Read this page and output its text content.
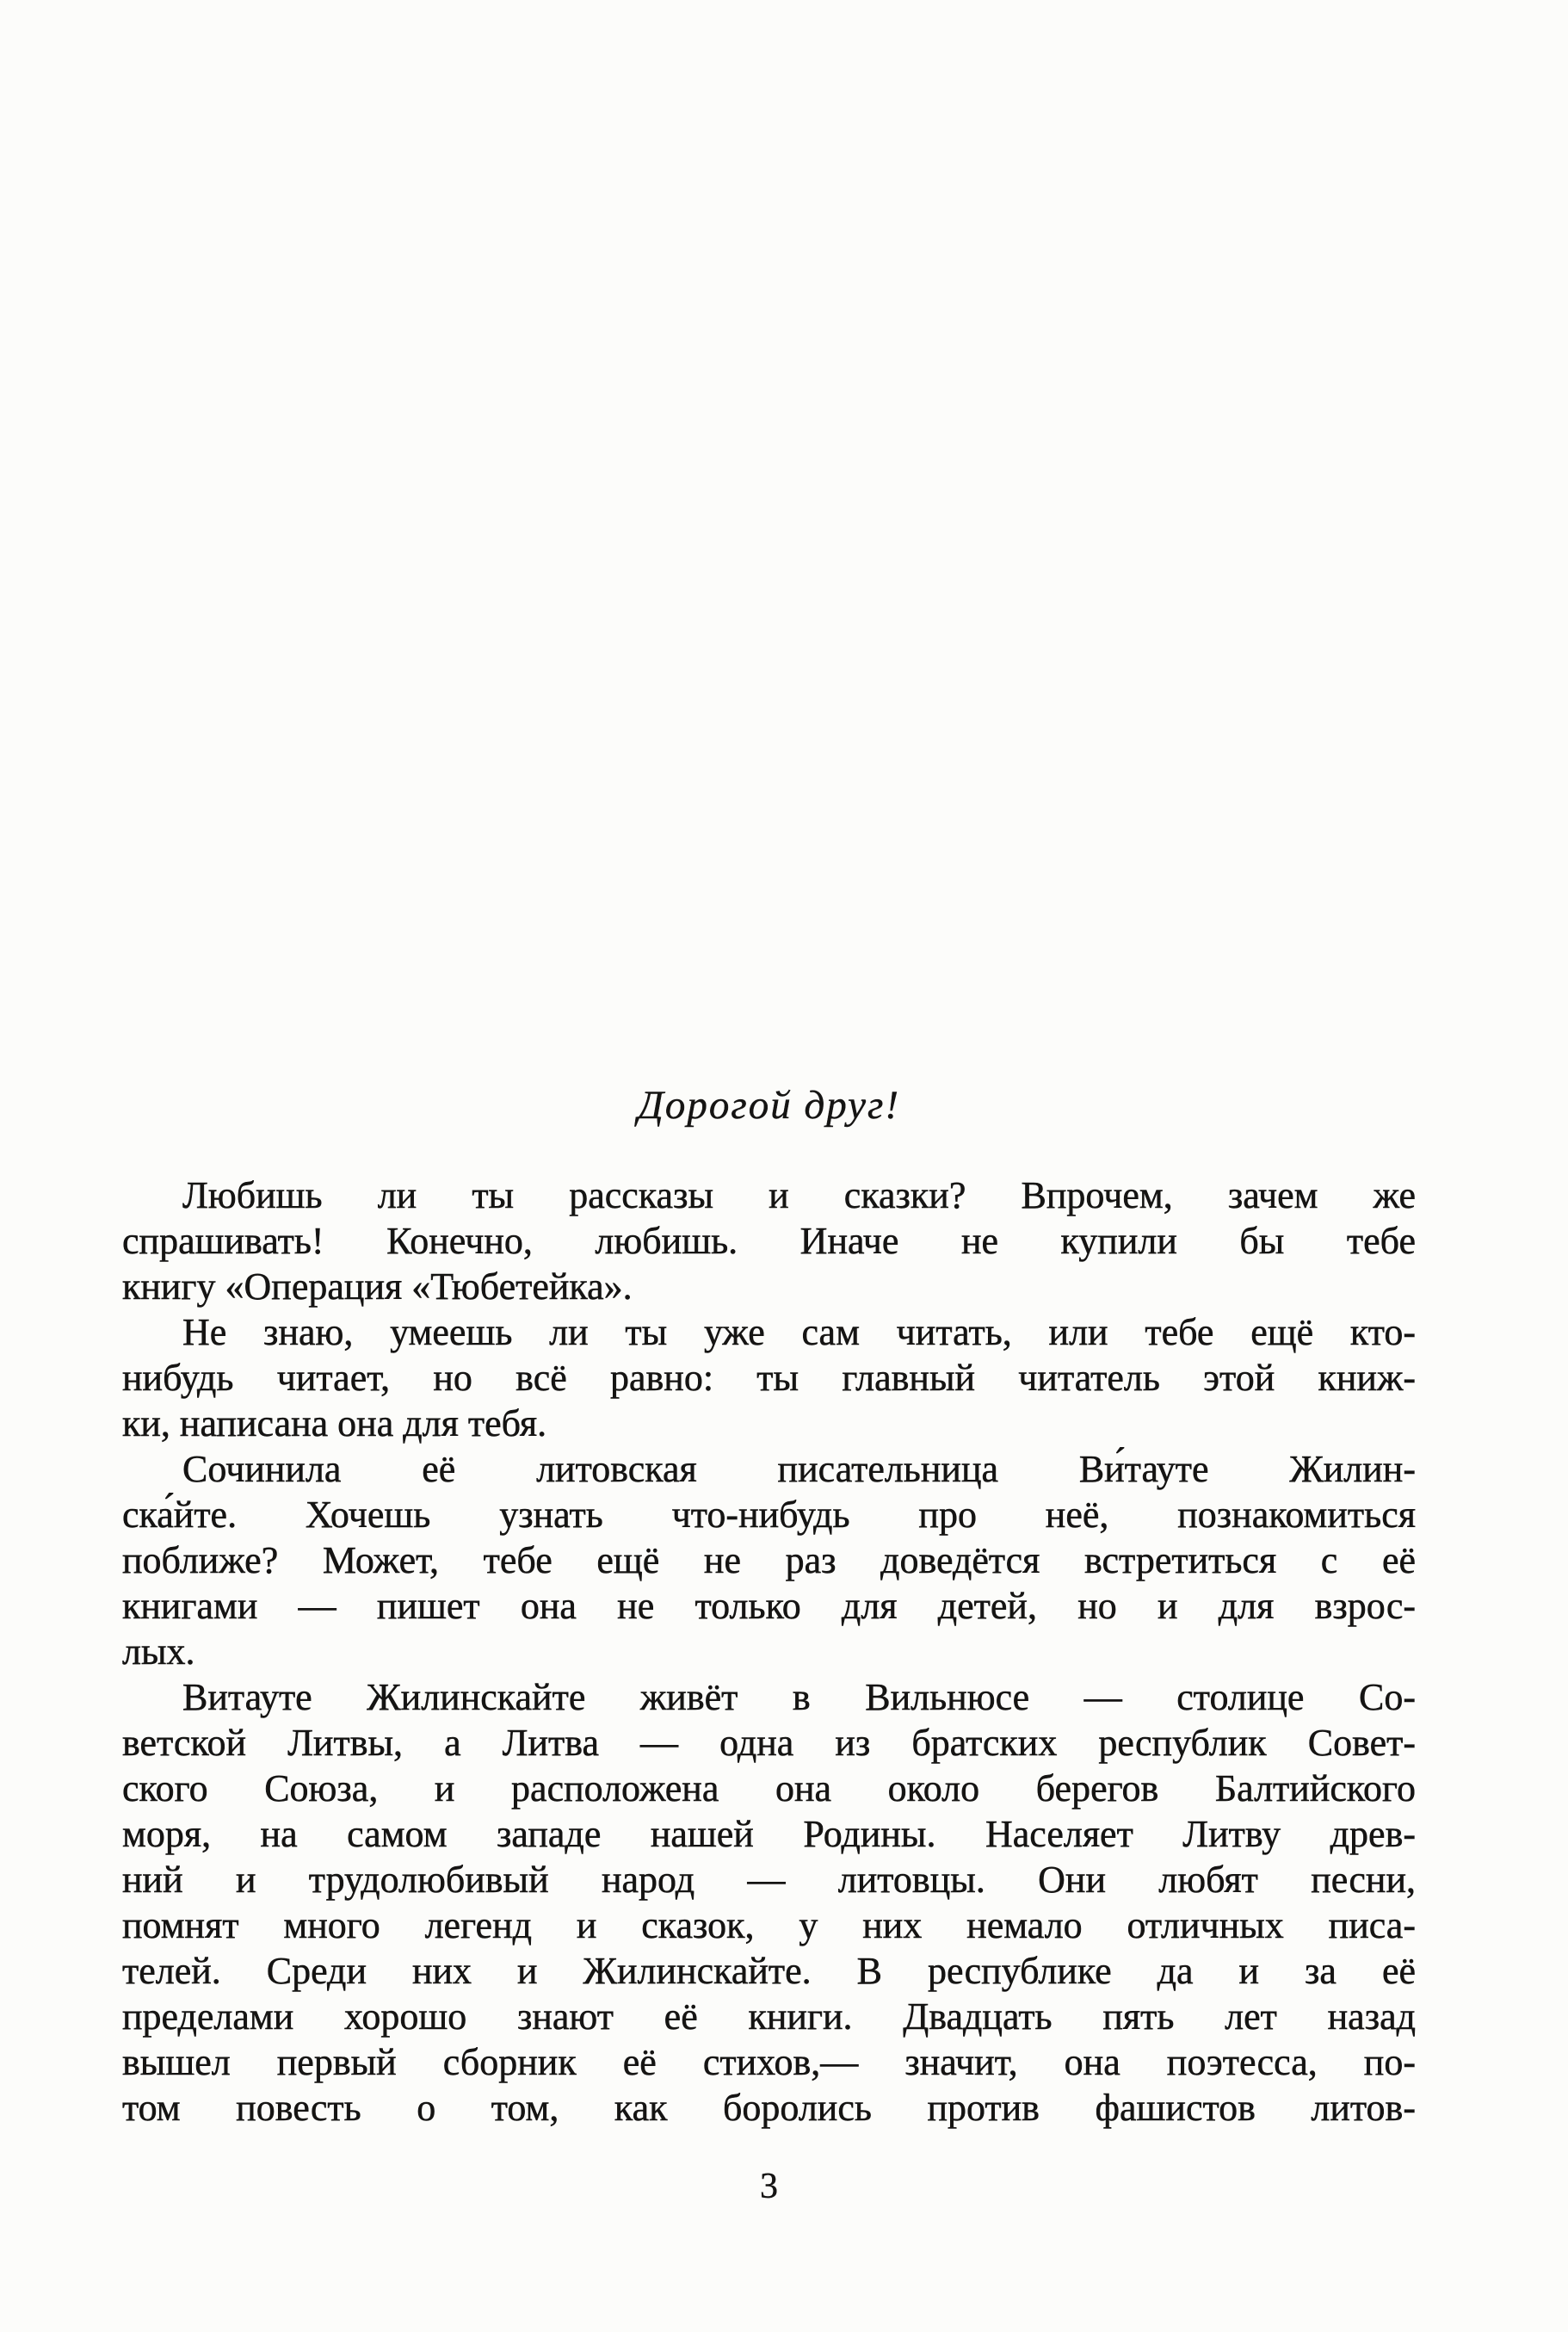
Дорогой друг!
Любишь ли ты рассказы и сказки? Впрочем, зачем же
спрашивать! Конечно, любишь. Иначе не купили бы тебе
книгу «Операция «Тюбетейка».
Не знаю, умеешь ли ты уже сам читать, или тебе ещё кто-
нибудь читает, но всё равно: ты главный читатель этой книж-
ки, написана она для тебя.
Сочинила её литовская писательница Ви́тауте Жилин-
ска́йте. Хочешь узнать что-нибудь про неё, познакомиться
поближе? Может, тебе ещё не раз доведётся встретиться с её
книгами — пишет она не только для детей, но и для взрос-
лых.
Витауте Жилинскайте живёт в Вильнюсе — столице Со-
ветской Литвы, а Литва — одна из братских республик Совет-
ского Союза, и расположена она около берегов Балтийского
моря, на самом западе нашей Родины. Населяет Литву древ-
ний и трудолюбивый народ — литовцы. Они любят песни,
помнят много легенд и сказок, у них немало отличных писа-
телей. Среди них и Жилинскайте. В республике да и за её
пределами хорошо знают её книги. Двадцать пять лет назад
вышел первый сборник её стихов,— значит, она поэтесса, по-
том повесть о том, как боролись против фашистов литов-
3
